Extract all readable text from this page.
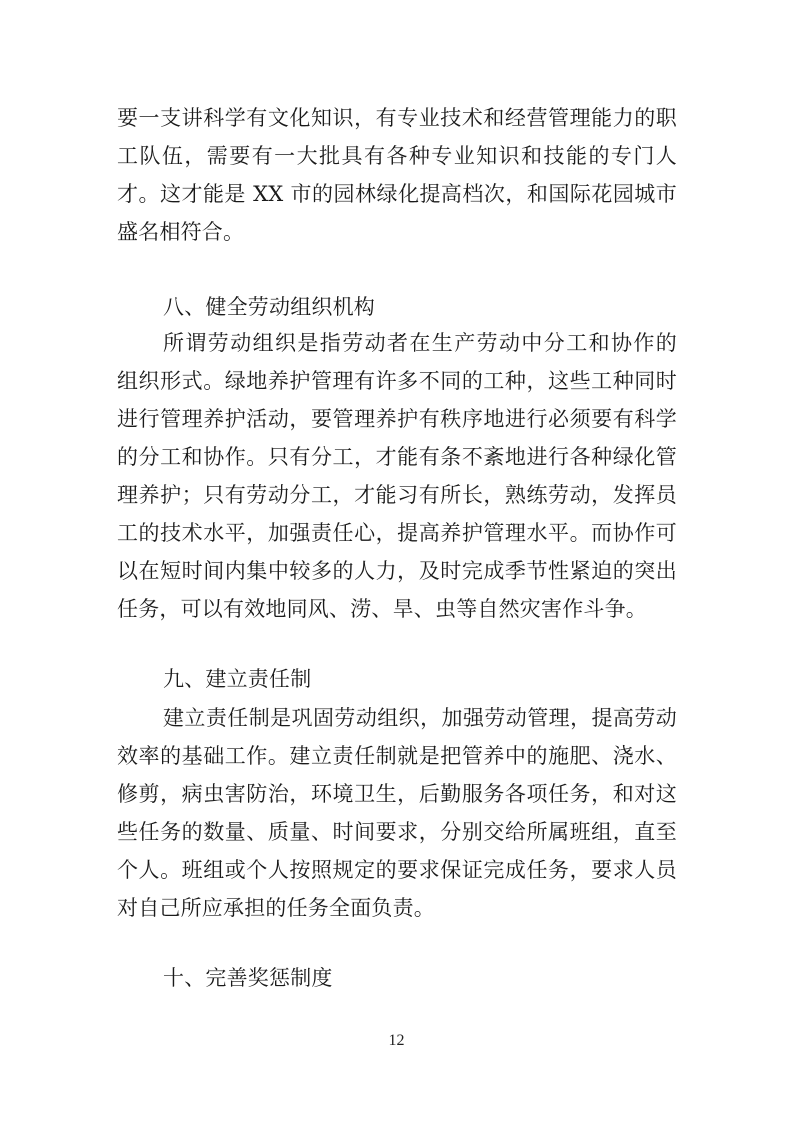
要一支讲科学有文化知识，有专业技术和经营管理能力的职
工队伍，需要有一大批具有各种专业知识和技能的专门人
才。这才能是 XX 市的园林绿化提高档次，和国际花园城市
盛名相符合。
八、健全劳动组织机构
所谓劳动组织是指劳动者在生产劳动中分工和协作的
组织形式。绿地养护管理有许多不同的工种，这些工种同时
进行管理养护活动，要管理养护有秩序地进行必须要有科学
的分工和协作。只有分工，才能有条不紊地进行各种绿化管
理养护；只有劳动分工，才能习有所长，熟练劳动，发挥员
工的技术水平，加强责任心，提高养护管理水平。而协作可
以在短时间内集中较多的人力，及时完成季节性紧迫的突出
任务，可以有效地同风、涝、旱、虫等自然灾害作斗争。
九、建立责任制
建立责任制是巩固劳动组织，加强劳动管理，提高劳动
效率的基础工作。建立责任制就是把管养中的施肥、浇水、
修剪，病虫害防治，环境卫生，后勤服务各项任务，和对这
些任务的数量、质量、时间要求，分别交给所属班组，直至
个人。班组或个人按照规定的要求保证完成任务，要求人员
对自己所应承担的任务全面负责。
十、完善奖惩制度
12
